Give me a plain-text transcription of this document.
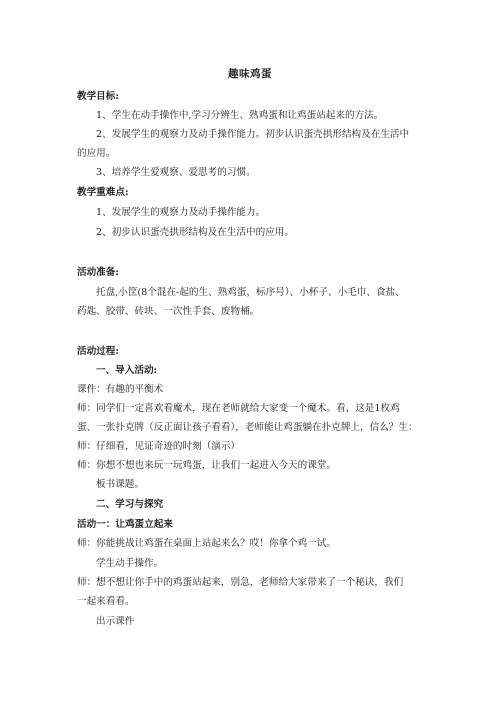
趣味鸡蛋
教学目标:
1、学生在动手操作中,学习分辨生、熟鸡蛋和让鸡蛋站起来的方法。
2、发展学生的观察力及动手操作能力。初步认识蛋壳拱形结构及在生活中
的应用。
3、培养学生爱观察、爱思考的习惯。
教学重难点:
1、发展学生的观察力及动手操作能力。
2、初步认识蛋壳拱形结构及在生活中的应用。
活动准备:
托盘,小筐(8个混在-起的生、熟鸡蛋，标序号）、小杯子、小毛巾、食盐、
药匙、胶带、砖块、一次性手套、废物桶。
活动过程:
一、导入活动:
课件：有趣的平衡术
师：同学们一定喜欢看魔术，现在老师就给大家变一个魔术。看，这是1枚鸡
蛋、一张扑克牌（反正面让孩子看看），老师能让鸡蛋躺在扑克牌上，信么？生：
师：仔细看，见证奇迹的时刻（演示）
师：你想不想也来玩一玩鸡蛋，让我们一起进入今天的课堂。
板书课题。
二、学习与探究
活动一：让鸡蛋立起来
师：你能挑战让鸡蛋在桌面上站起来么？哎！你拿个鸡一试。
学生动手操作。
师：想不想让你手中的鸡蛋站起来，别急，老师给大家带来了一个秘诀，我们
一起来看看。
出示课件
